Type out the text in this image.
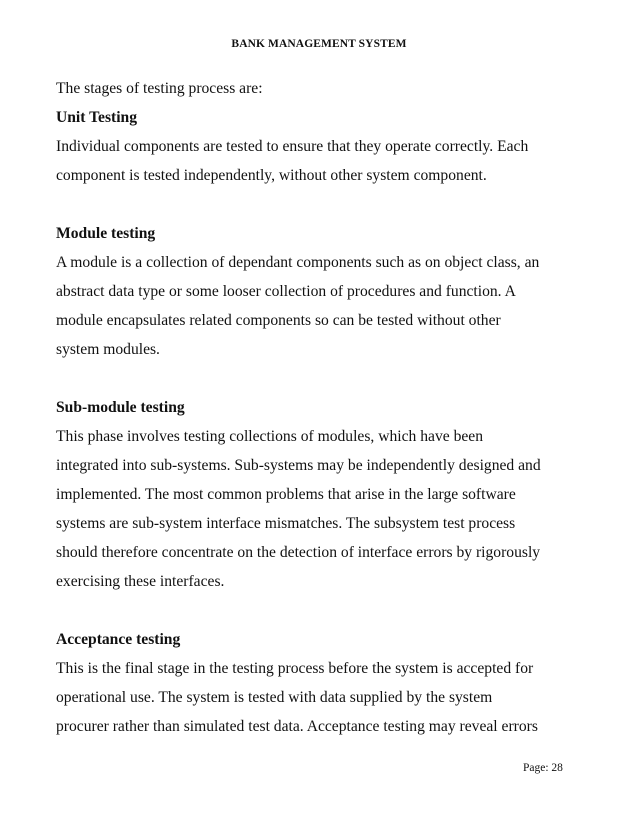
BANK MANAGEMENT SYSTEM
The stages of testing process are:
Unit Testing
Individual components are tested to ensure that they operate correctly. Each
component is tested independently, without other system component.
Module testing
A module is a collection of dependant components such as on object class, an
abstract data type or some looser collection of procedures and function. A
module encapsulates related components so can be tested without other
system modules.
Sub-module testing
This phase involves testing collections of modules, which have been
integrated into sub-systems. Sub-systems may be independently designed and
implemented. The most common problems that arise in the large software
systems are sub-system interface mismatches. The subsystem test process
should therefore concentrate on the detection of interface errors by rigorously
exercising these interfaces.
Acceptance testing
This is the final stage in the testing process before the system is accepted for
operational use. The system is tested with data supplied by the system
procurer rather than simulated test data. Acceptance testing may reveal errors
Page: 28
